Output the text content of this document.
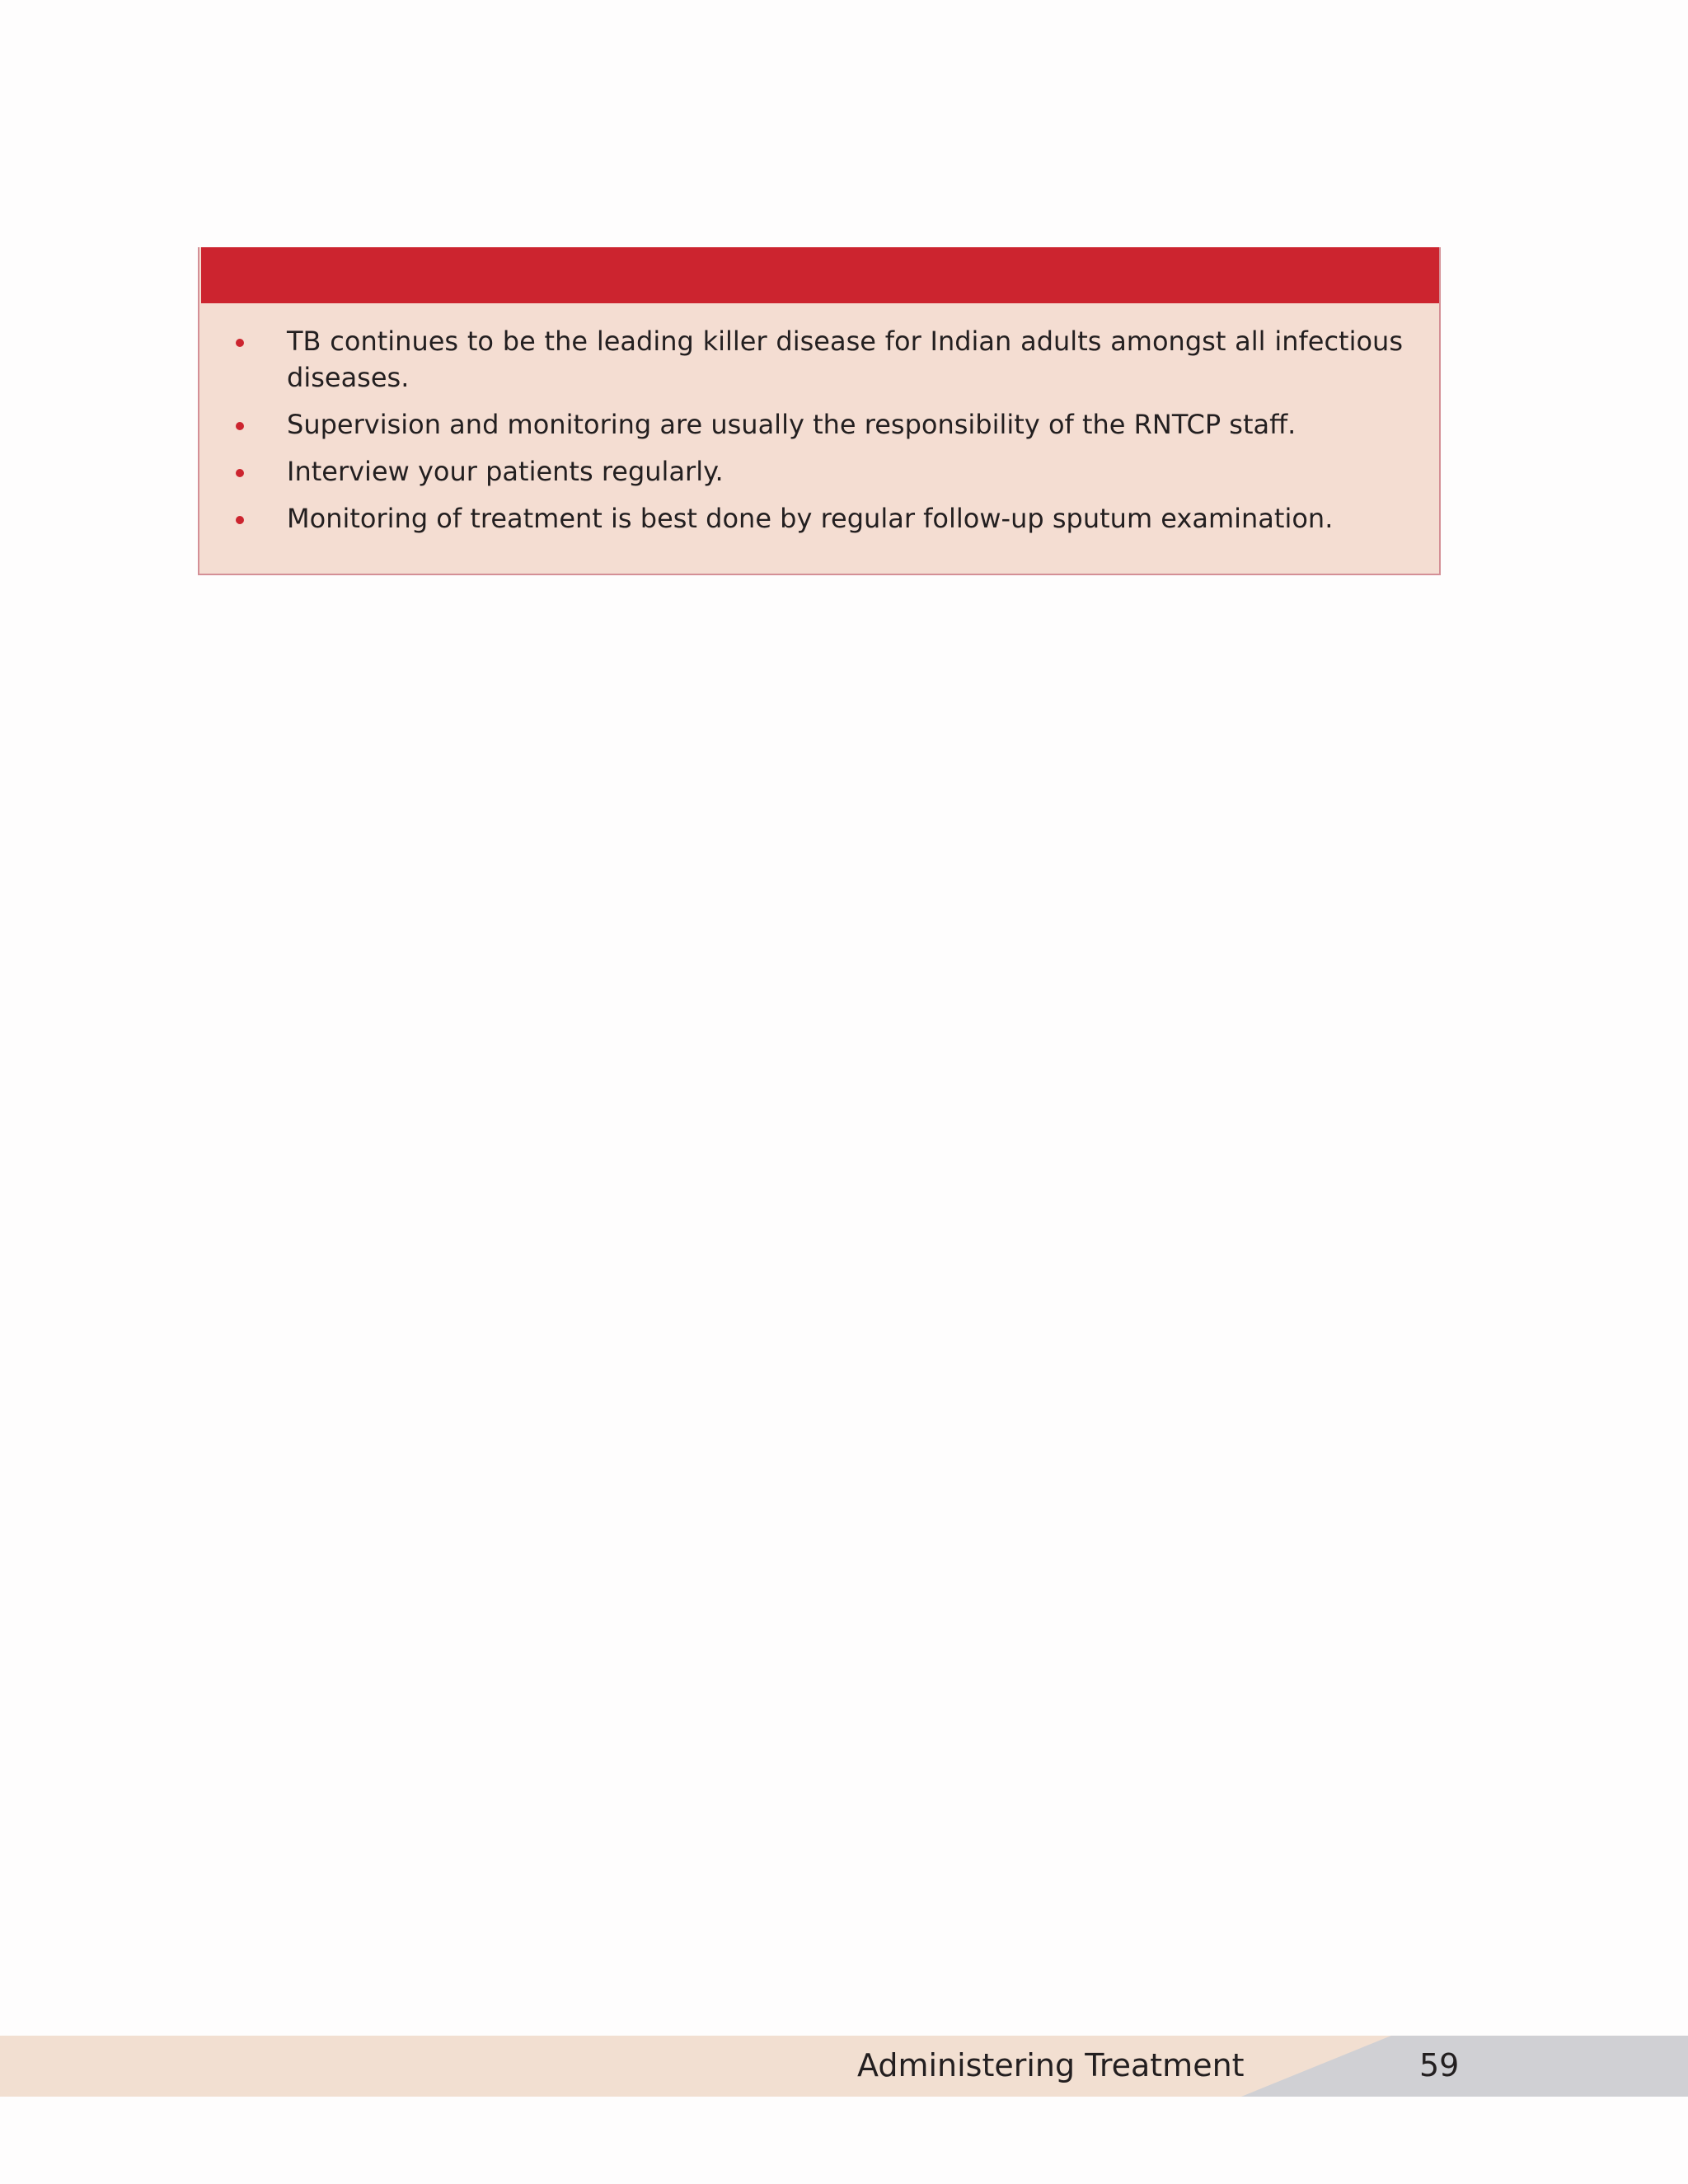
TB continues to be the leading killer disease for Indian adults amongst all infectious diseases.
Supervision and monitoring are usually the responsibility of the RNTCP staff.
Interview your patients regularly.
Monitoring of treatment is best done by regular follow-up sputum examination.
Administering Treatment	59
